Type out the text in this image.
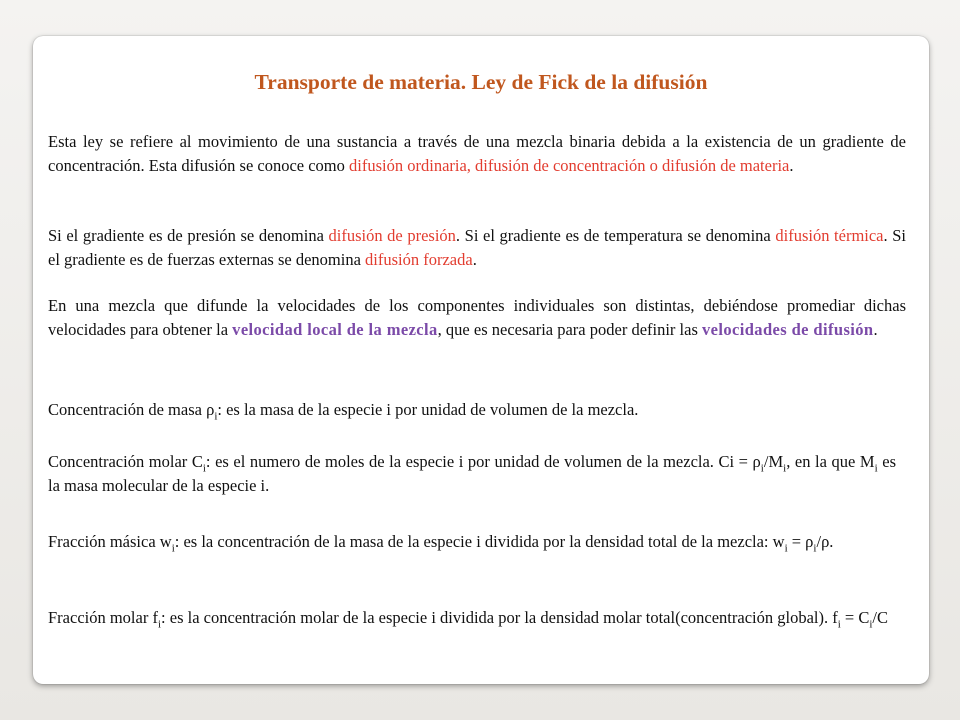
Transporte de materia. Ley de Fick de la difusión
Esta ley se refiere al movimiento de una sustancia a través de una mezcla binaria debida a la existencia de un gradiente de concentración. Esta difusión se conoce como difusión ordinaria, difusión de concentración o difusión de materia.
Si el gradiente es de presión se denomina difusión de presión. Si el gradiente es de temperatura se denomina difusión térmica. Si el gradiente es de fuerzas externas se denomina difusión forzada.
En una mezcla que difunde la velocidades de los componentes individuales son distintas, debiéndose promediar dichas velocidades para obtener la velocidad local de la mezcla, que es necesaria para poder definir las velocidades de difusión.
Concentración de masa $\rho_i$: es la masa de la especie i por unidad de volumen de la mezcla.
Concentración molar $C_i$: es el numero de moles de la especie i por unidad de volumen de la mezcla. $Ci = \rho_i/M_i$, en la que $M_i$ es la masa molecular de la especie i.
Fracción másica $w_i$: es la concentración de la masa de la especie i dividida por la densidad total de la mezcla: $w_i = \rho_i/\rho$.
Fracción molar $f_i$: es la concentración molar de la especie i dividida por la densidad molar total(concentración global). $f_i = C_i/C$
